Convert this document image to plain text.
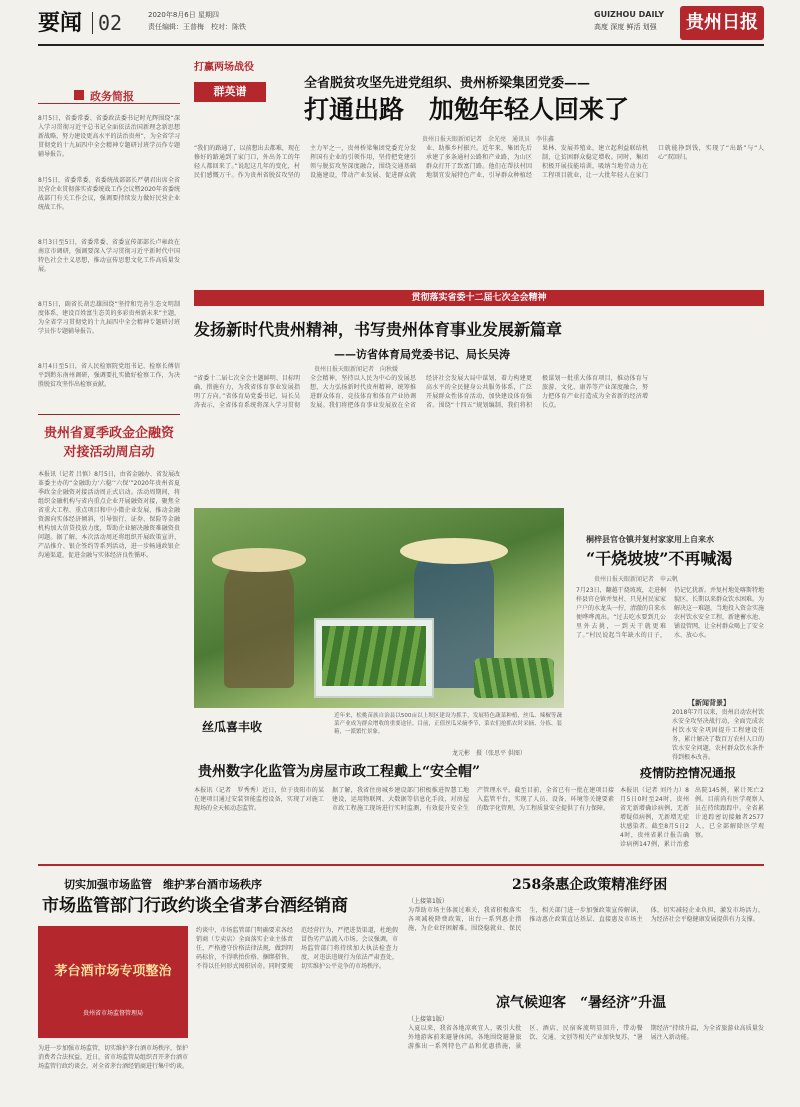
要闻 02	2020年8月6日 星期四
责任编辑：王普梅　校对：陈铁
GUIZHOU DAILY
高度 深度 鲜活 划强	贵州日报
政务简报
8月5日，省委常委、省委政法委书记时光辉围绕“深入学习贯彻习近平总书记全面依法治国新理念新思想新战略，努力建设更高水平的法治贵州”，为全省学习贯彻党的十九届四中全会精神专题研讨班学员作专题辅导报告。
8月5日，省委常委、省委统战部部长严朝君出席全省民营企业贯彻落实省委统战工作会议暨2020年省委统战部门有关工作会议，强调要持续发力做好民营企业统战工作。
8月3日至5日，省委常委、省委宣传部部长卢雍政在南京市调研，强调要深入学习贯彻习近平新时代中国特色社会主义思想，推动宣传思想文化工作高质量发展。
8月5日，副省长胡忠雄围绕“坚持和完善生态文明制度体系，建设百姓富生态美的多彩贵州新未来”主题，为全省学习贯彻党的十九届四中全会精神专题研讨班学员作专题辅导报告。
8月4日至5日，省人民检察院党组书记、检察长傅信平到黔东南州调研，强调要扎实做好检察工作，为决胜脱贫攻坚作出检察贡献。
贵州省夏季政金企融资对接活动周启动
本报讯（记者 吕慎）8月5日，由省金融办、省发展改革委主办的“金融助力‘六稳’‘六保’”2020年贵州省夏季政金企融资对接活动周正式启动。活动周期间，将组织金融机构与省内重点企业开展融资对接，聚焦全省重大工程、重点项目和中小微企业发展，推动金融资源向实体经济倾斜，引导银行、证券、保险等金融机构加大信贷投放力度，帮助企业解决融资难融资贵问题。据了解，本次活动周还将组织开展政策宣讲、产品推介、银企签约等系列活动，进一步畅通政银企沟通渠道，促进金融与实体经济良性循环。
打赢两场战役
群英谱
全省脱贫攻坚先进党组织、贵州桥梁集团党委——
打通出路　加勉年轻人回来了
贵州日报天眼新闻记者　余光亮　通讯员　李佳鑫
“我们的路通了，以前想出去都难，现在修好的路通到了家门口，外出务工的年轻人都回来了。”说起这几年的变化，村民们感慨万千。作为贵州省脱贫攻坚的主力军之一，贵州桥梁集团党委充分发挥国有企业的引领作用，坚持把党建引领与脱贫攻坚深度融合，围绕交通基础设施建设，带动产业发展、促进群众就业、助推乡村振兴。近年来，集团先后承建了多条通村公路和产业路，为山区群众打开了致富门路。他们在帮扶村因地制宜发展特色产业，引导群众种植经果林、发展养殖业，建立起利益联结机制，让贫困群众稳定增收。同时，集团积极开展技能培训，吸纳当地劳动力在工程项目就业，让一大批年轻人在家门口就能挣到钱，实现了“出路”与“人心”双回归。
贯彻落实省委十二届七次全会精神
发扬新时代贵州精神，书写贵州体育事业发展新篇章
——访省体育局党委书记、局长吴涛
贵州日报天眼新闻记者　向秋媛
“省委十二届七次全会主题鲜明、目标明确、措施有力，为我省体育事业发展指明了方向。”省体育局党委书记、局长吴涛表示，全省体育系统将深入学习贯彻全会精神，坚持以人民为中心的发展思想，大力弘扬新时代贵州精神，统筹推进群众体育、竞技体育和体育产业协调发展。我们将把体育事业发展放在全省经济社会发展大局中谋划，着力构建更高水平的全民健身公共服务体系，广泛开展群众性体育活动，加快建设体育强省。围绕“十四五”规划编制，我们将积极谋划一批重大体育项目，推动体育与旅游、文化、康养等产业深度融合，努力把体育产业打造成为全省新的经济增长点。
丝瓜喜丰收
近年来，松桃苗族自治县以500亩以上坝区建设为抓手，发展特色蔬菜种植，丝瓜、辣椒等蔬菜产业成为群众增收的重要途径。目前，正值丝瓜采摘季节，菜农们抢抓农时采摘、分拣、装箱，一派繁忙景象。
龙元彬　摄（张思平 供图）
桐梓县官仓镇并复村家家用上自来水
“干烧坡坡”不再喊渴
贵州日报天眼新闻记者　申云帆
7月23日，翻越干烧坡坡，走进桐梓县官仓镇并复村，只见村民家家户户的水龙头一拧，清澈的自来水便哗哗流出。“过去吃水要到几公里外去挑，一到天干就更难了。”村民说起当年缺水的日子，仍记忆犹新。并复村地处喀斯特地貌区，长期以来群众饮水困难。为解决这一难题，当地投入资金实施农村饮水安全工程，新建蓄水池、铺设管网，让全村群众喝上了安全水、放心水。
【新闻背景】
2018年7月以来，贵州启动农村饮水安全攻坚决战行动，全面完成农村饮水安全巩固提升工程建设任务，累计解决了数百万农村人口的饮水安全问题，农村群众饮水条件得到根本改善。
贵州数字化监管为房屋市政工程戴上“安全帽”
本报讯（记者　罗秀秀）近日，位于贵阳市的某在建项目通过安装智能监控设备，实现了对施工现场的全天候动态监管。
据了解，我省住房城乡建设部门积极推进智慧工地建设，运用物联网、大数据等信息化手段，对房屋市政工程施工现场进行实时监测，有效提升安全生产管理水平。截至目前，全省已有一批在建项目接入监管平台，实现了人员、设备、环境等关键要素的数字化管理，为工程质量安全提供了有力保障。
疫情防控情况通报
本报讯（记者 刘丹力）8月5日0时至24时，贵州省无新增确诊病例，无新增疑似病例，无新增无症状感染者。截至8月5日24时，贵州省累计报告确诊病例147例，累计治愈出院145例，累计死亡2例。目前尚有医学观察人员在持续跟踪中。全省累计追踪密切接触者2577人，已全部解除医学观察。
切实加强市场监管　维护茅台酒市场秩序
市场监管部门行政约谈全省茅台酒经销商
茅台酒市场专项整治
贵州省市场监督管理局
为进一步加强市场监管，切实维护茅台酒市场秩序，保护消费者合法权益，近日，省市场监管局组织召开茅台酒市场监管行政约谈会，对全省茅台酒经销商进行集中约谈。
约谈中，市场监管部门明确要求各经销商（专卖店）全面落实企业主体责任，严格遵守价格法律法规，做到明码标价，不得哄抬价格、捆绑搭售，不得以任何形式囤积居奇。同时要规范经营行为，严把进货渠道，杜绝假冒伪劣产品流入市场。会议强调，市场监管部门将持续加大执法检查力度，对违法违规行为依法严肃查处，切实维护公平竞争的市场秩序。
258条惠企政策精准纾困
（上接第1版）
为帮助市场主体渡过难关，我省积极落实各项减税降费政策，出台一系列惠企措施，为企业纾困解难。围绕稳就业、保民生，相关部门进一步加强政策宣传解读，推动惠企政策直达基层、直接惠及市场主体，切实减轻企业负担，激发市场活力，为经济社会平稳健康发展提供有力支撑。
凉气候迎客　“暑经济”升温
（上接第1版）
入夏以来，我省各地凉爽宜人，吸引大批外地游客前来避暑休闲。各地围绕避暑旅游推出一系列特色产品和优惠措施，景区、酒店、民宿客流明显回升，带动餐饮、交通、文创等相关产业加快复苏，“暑期经济”持续升温，为全省旅游业高质量发展注入新动能。
